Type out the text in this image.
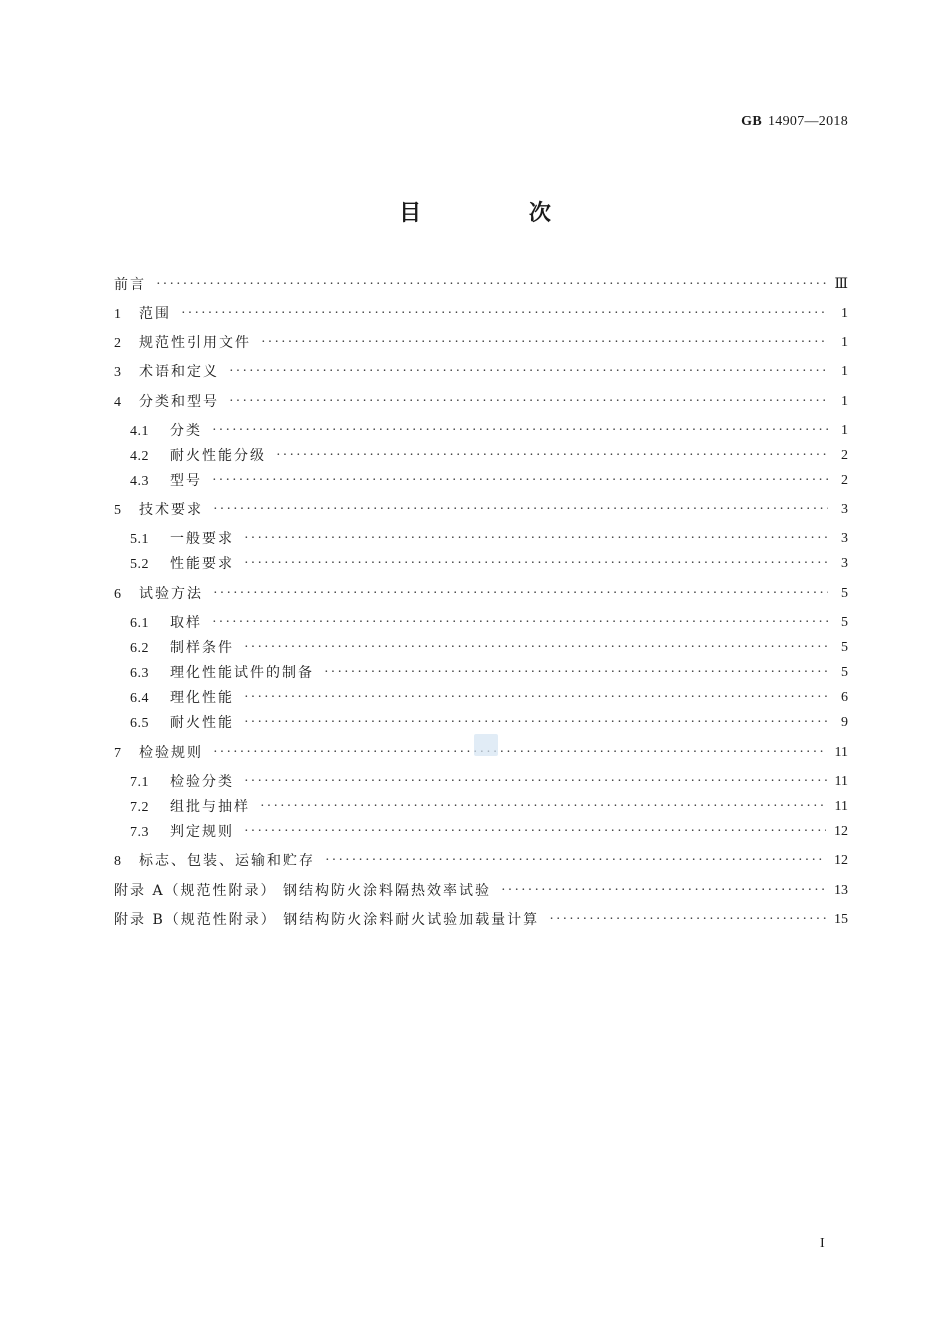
GB 14907—2018
目 次
前言 ·····	Ⅲ
1 范围 ·····	1
2 规范性引用文件 ·····	1
3 术语和定义 ·····	1
4 分类和型号 ·····	1
4.1 分类 ·····	1
4.2 耐火性能分级 ·····	2
4.3 型号 ·····	2
5 技术要求 ·····	3
5.1 一般要求 ·····	3
5.2 性能要求 ·····	3
6 试验方法 ·····	5
6.1 取样 ·····	5
6.2 制样条件 ·····	5
6.3 理化性能试件的制备 ·····	5
6.4 理化性能 ·····	6
6.5 耐火性能 ·····	9
7 检验规则 ·····	11
7.1 检验分类 ·····	11
7.2 组批与抽样 ·····	11
7.3 判定规则 ·····	12
8 标志、包装、运输和贮存 ·····	12
附录 A（规范性附录） 钢结构防火涂料隔热效率试验 ·····	13
附录 B（规范性附录） 钢结构防火涂料耐火试验加载量计算 ·····	15
I
